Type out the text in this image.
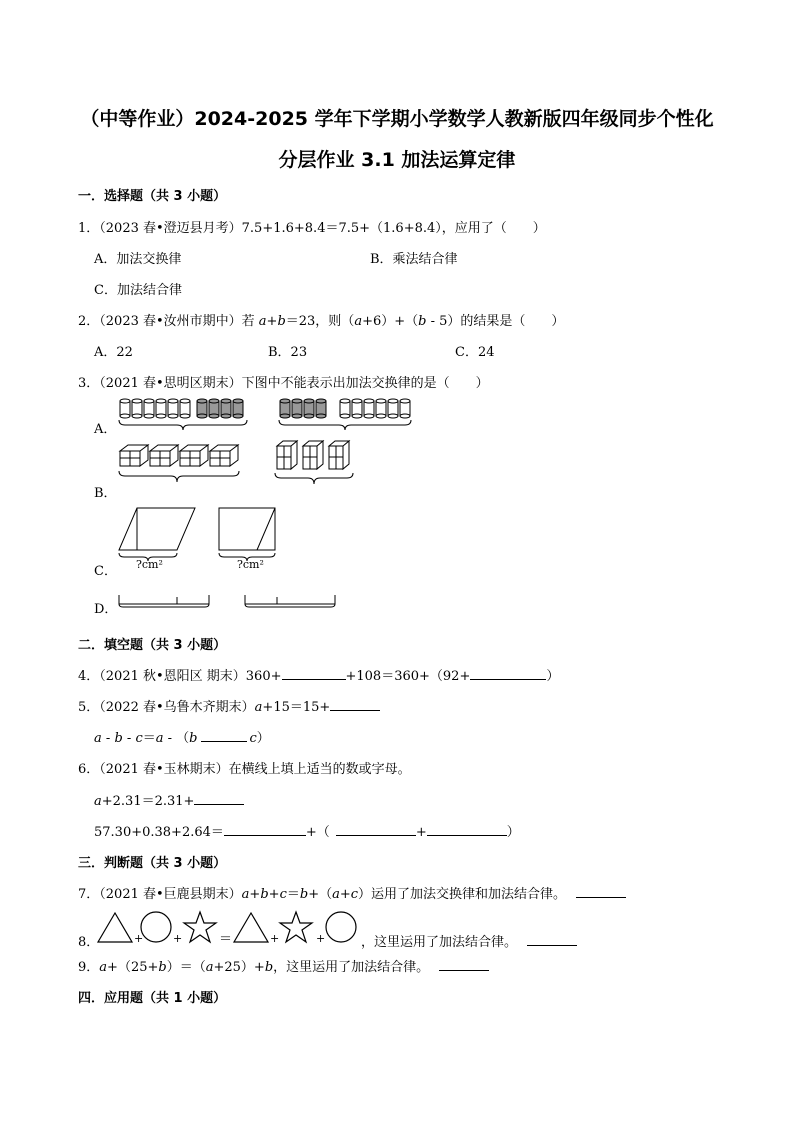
（中等作业）2024-2025 学年下学期小学数学人教新版四年级同步个性化
分层作业 3.1 加法运算定律
一．选择题（共 3 小题）
1．（2023 春•澄迈县月考）7.5+1.6+8.4＝7.5+（1.6+8.4），应用了（　　）
A．加法交换律	B．乘法结合律
C．加法结合律
2．（2023 春•汝州市期中）若 a+b＝23，则（a+6）+（b - 5）的结果是（　　）
A．22	B．23	C．24
3．（2021 春•思明区期末）下图中不能表示出加法交换律的是（　　）
A．
B．
C． ?cm²	?cm²
D．
二．填空题（共 3 小题）
4．（2021 秋•恩阳区 期末）360+	+108＝360+（92+	）
5．（2022 春•乌鲁木齐期末）a+15＝15+
a - b - c＝a - （b	c）
6．（2021 春•玉林期末）在横线上填上适当的数或字母。
a+2.31＝2.31+
57.30+0.38+2.64＝	+（	+	）
三．判断题（共 3 小题）
7．（2021 春•巨鹿县期末）a+b+c＝b+（a+c）运用了加法交换律和加法结合律。
8．	+	+	＝	+	+	，这里运用了加法结合律。
9．a+（25+b）＝（a+25）+b，这里运用了加法结合律。
四．应用题（共 1 小题）
